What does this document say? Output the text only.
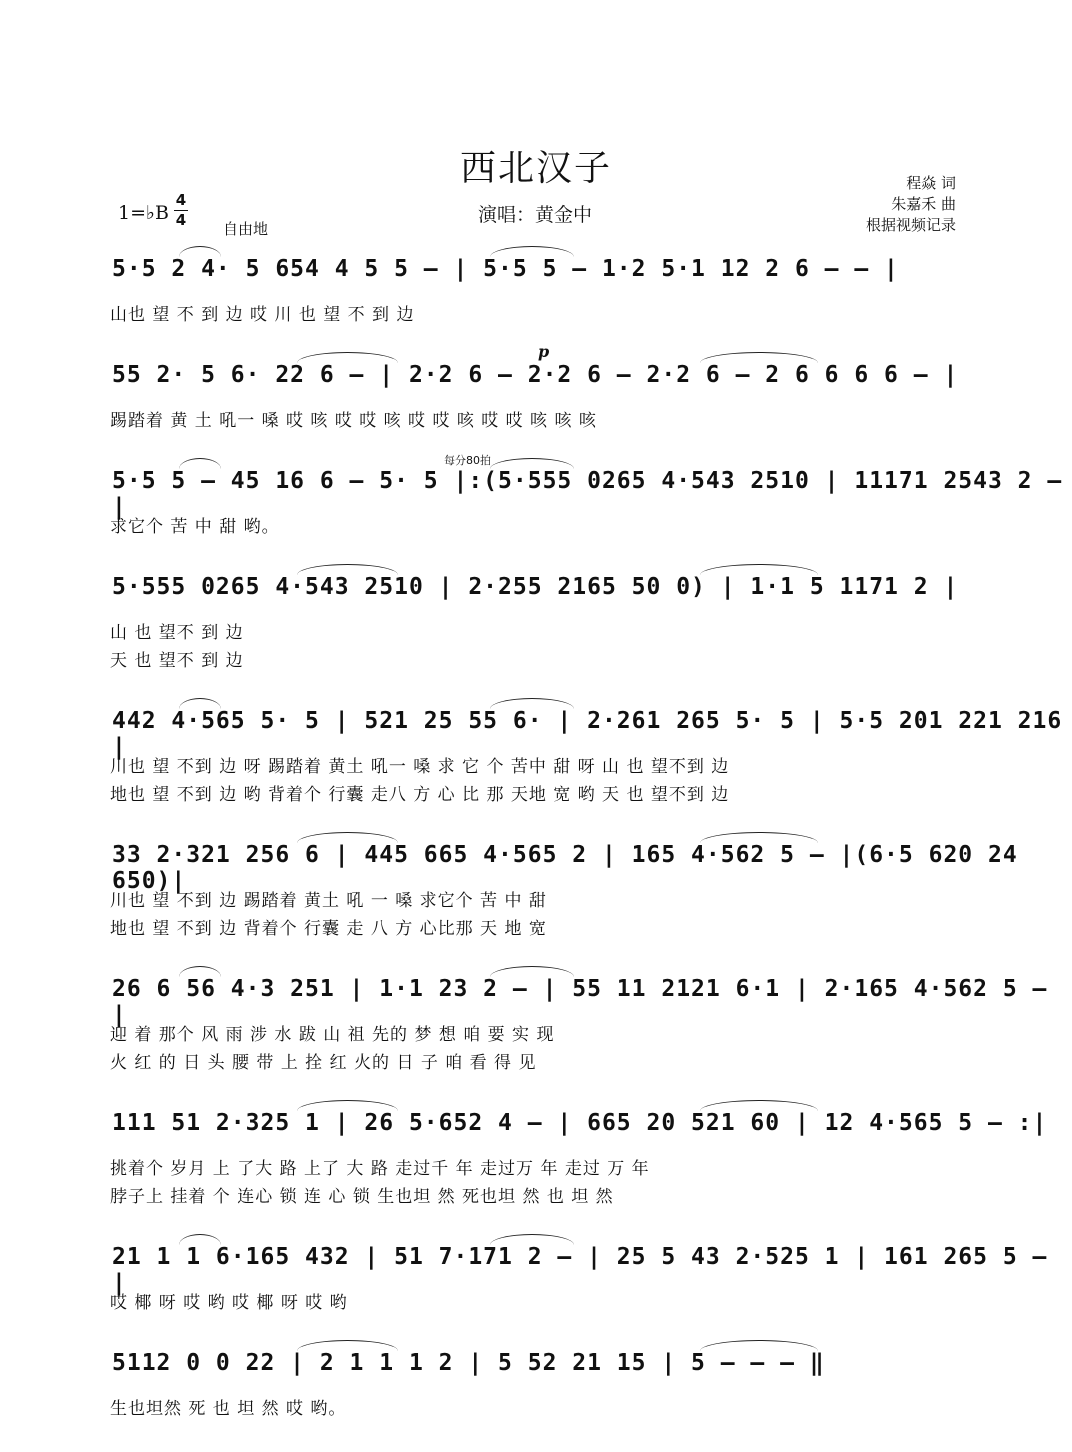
西北汉子
演唱：黄金中
程焱 词
朱嘉禾 曲
根据视频记录
1=♭B
4
4 自由地
5·5 2 4· 5 654 4 5 5 – | 5·5 5 – 1·2 5·1 12 2 6 – – |
山也 望 不 到 边 哎 川 也 望 不 到 边
55 2· 5 6· 22 6 – | 2·2 6 – 2·2 6 – 2·2 6 – 2 6 6 6 6 – |
踢踏着 黄 土 吼一 嗓 哎 咳 哎 哎 咳 哎 哎 咳 哎 哎 咳 咳 咳
5·5 5 – 45 16 6 – 5· 5 |:(5·555 0265 4·543 2510 | 11171 2543 2 – |
求它个 苦 中 甜 哟。
5·555 0265 4·543 2510 | 2·255 2165 50 0) | 1·1 5 1171 2 |
山 也 望不 到 边
天 也 望不 到 边
442 4·565 5· 5 | 521 25 55 6· | 2·261 265 5· 5 | 5·5 201 221 216 |
川也 望 不到 边 呀 踢踏着 黄土 吼一 嗓 求 它 个 苦中 甜 呀 山 也 望不到 边
地也 望 不到 边 哟 背着个 行囊 走八 方 心 比 那 天地 宽 哟 天 也 望不到 边
33 2·321 256 6 | 445 665 4·565 2 | 165 4·562 5 – |(6·5 620 24 650)|
川也 望 不到 边 踢踏着 黄土 吼 一 嗓 求它个 苦 中 甜
地也 望 不到 边 背着个 行囊 走 八 方 心比那 天 地 宽
26 6 56 4·3 251 | 1·1 23 2 – | 55 11 2121 6·1 | 2·165 4·562 5 – |
迎 着 那个 风 雨 涉 水 跋 山 祖 先的 梦 想 咱 要 实 现
火 红 的 日 头 腰 带 上 拴 红 火的 日 子 咱 看 得 见
111 51 2·325 1 | 26 5·652 4 – | 665 20 521 60 | 12 4·565 5 – :|
挑着个 岁月 上 了大 路 上了 大 路 走过千 年 走过万 年 走过 万 年
脖子上 挂着 个 连心 锁 连 心 锁 生也坦 然 死也坦 然 也 坦 然
21 1 1 6·165 432 | 51 7·171 2 – | 25 5 43 2·525 1 | 161 265 5 – |
哎 椰 呀 哎 哟 哎 椰 呀 哎 哟
5112 0 0 22 | 2 1 1 1 2 | 5 52 21 15 | 5 – – – ‖
生也坦然 死 也 坦 然 哎 哟。
每分80拍
p
